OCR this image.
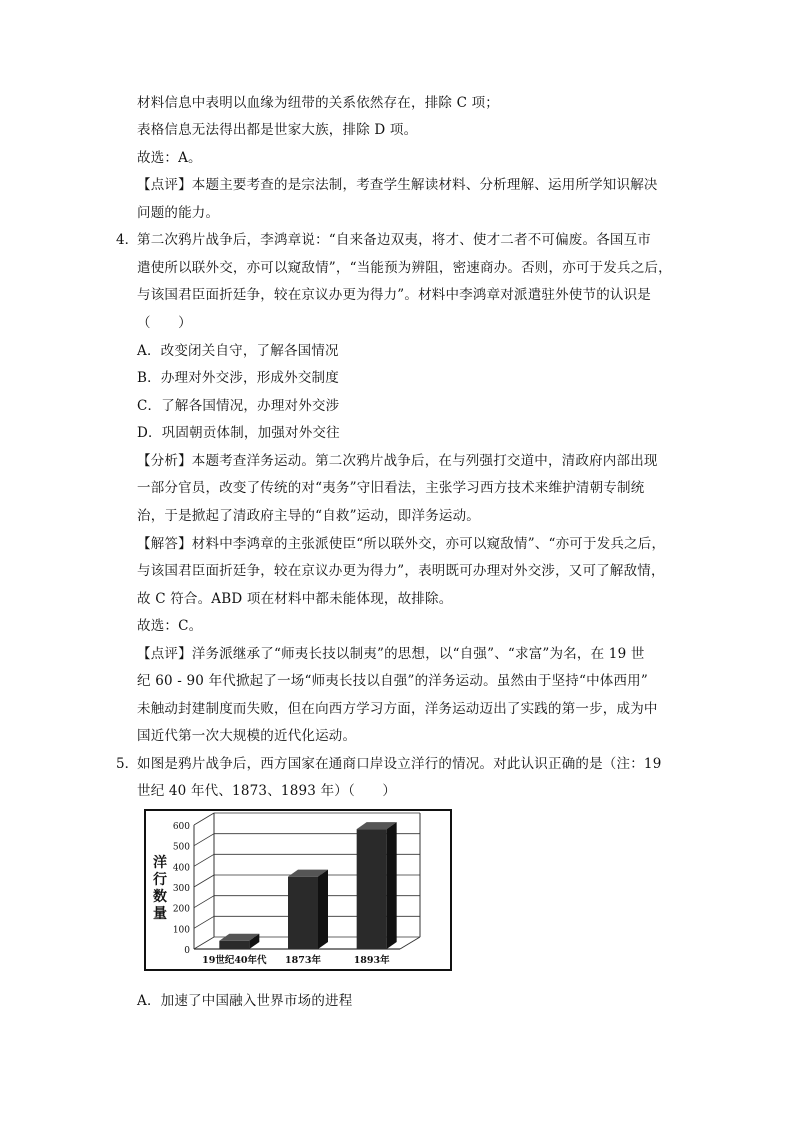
材料信息中表明以血缘为纽带的关系依然存在，排除 C 项；
表格信息无法得出都是世家大族，排除 D 项。
故选：A。
【点评】本题主要考查的是宗法制，考查学生解读材料、分析理解、运用所学知识解决
问题的能力。
4．
第二次鸦片战争后，李鸿章说：“自来备边双夷，将才、使才二者不可偏废。各国互市
遣使所以联外交，亦可以窥敌情”，“当能预为辨阻，密速商办。否则，亦可于发兵之后，
与该国君臣面折廷争，较在京议办更为得力”。材料中李鸿章对派遣驻外使节的认识是
（　　）
A．改变闭关自守，了解各国情况
B．办理对外交涉，形成外交制度
C．了解各国情况，办理对外交涉
D．巩固朝贡体制，加强对外交往
【分析】本题考查洋务运动。第二次鸦片战争后，在与列强打交道中，清政府内部出现
一部分官员，改变了传统的对“夷务”守旧看法，主张学习西方技术来维护清朝专制统
治，于是掀起了清政府主导的“自救”运动，即洋务运动。
【解答】材料中李鸿章的主张派使臣“所以联外交，亦可以窥敌情”、“亦可于发兵之后，
与该国君臣面折廷争，较在京议办更为得力”，表明既可办理对外交涉，又可了解敌情，
故 C 符合。ABD 项在材料中都未能体现，故排除。
故选：C。
【点评】洋务派继承了“师夷长技以制夷”的思想，以“自强”、“求富”为名，在 19 世
纪 60 - 90 年代掀起了一场“师夷长技以自强”的洋务运动。虽然由于坚持“中体西用”
未触动封建制度而失败，但在向西方学习方面，洋务运动迈出了实践的第一步，成为中
国近代第一次大规模的近代化运动。
5．
如图是鸦片战争后，西方国家在通商口岸设立洋行的情况。对此认识正确的是（注：19
世纪 40 年代、1873、1893 年）（　　）
0
100
200
300
400
500
600
洋
行
数
量
19世纪40年代 1873年	1893年
A．加速了中国融入世界市场的进程
